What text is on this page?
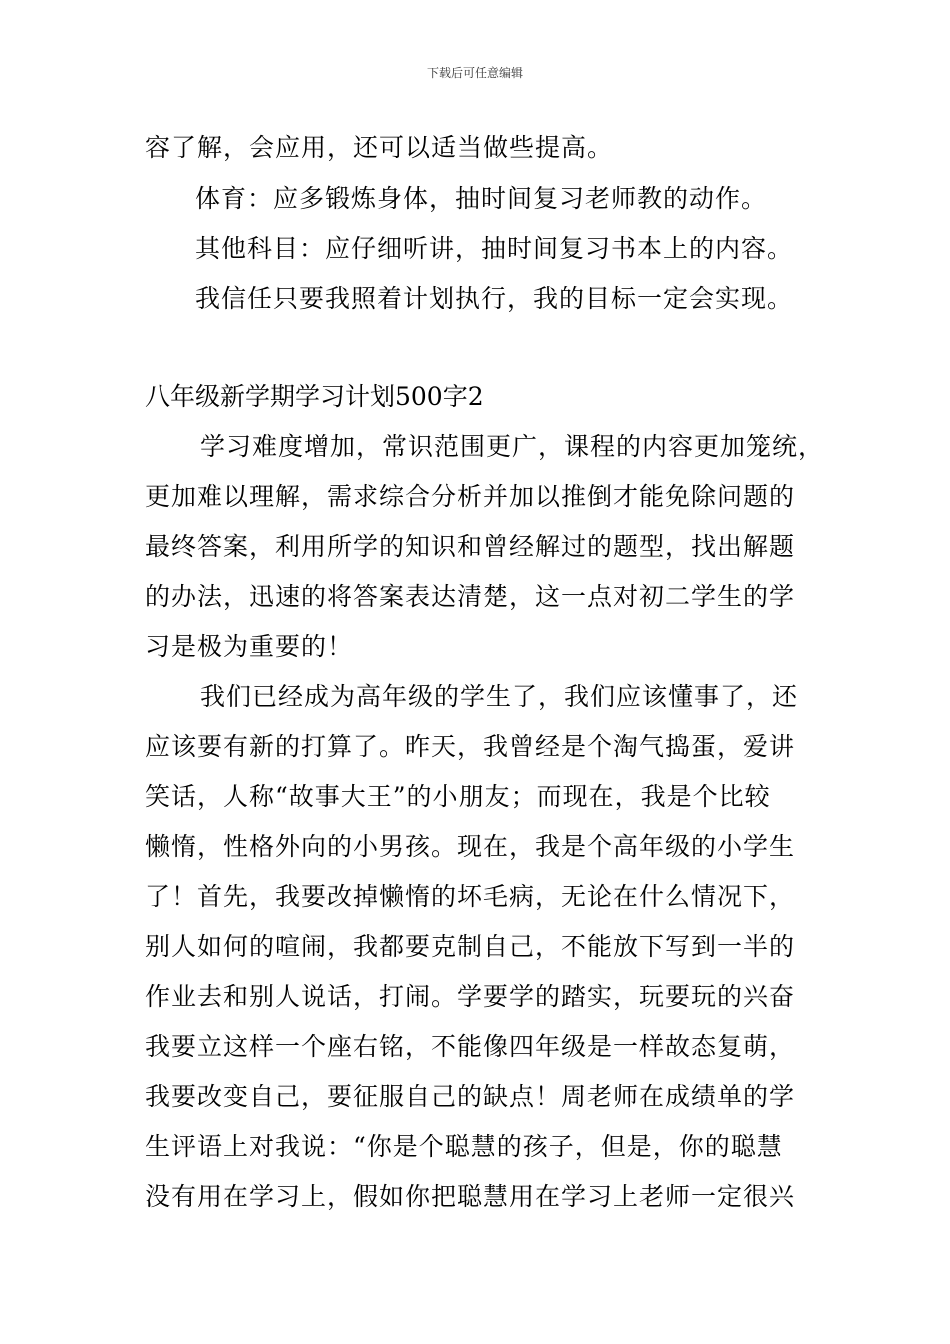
下载后可任意编辑
容了解，会应用，还可以适当做些提高。
体育：应多锻炼身体，抽时间复习老师教的动作。
其他科目：应仔细听讲，抽时间复习书本上的内容。
我信任只要我照着计划执行，我的目标一定会实现。
八年级新学期学习计划500字2
学习难度增加，常识范围更广，课程的内容更加笼统，
更加难以理解，需求综合分析并加以推倒才能免除问题的
最终答案，利用所学的知识和曾经解过的题型，找出解题
的办法，迅速的将答案表达清楚，这一点对初二学生的学
习是极为重要的！
我们已经成为高年级的学生了，我们应该懂事了，还
应该要有新的打算了。昨天，我曾经是个淘气捣蛋，爱讲
笑话，人称“故事大王”的小朋友；而现在，我是个比较
懒惰，性格外向的小男孩。现在，我是个高年级的小学生
了！首先，我要改掉懒惰的坏毛病，无论在什么情况下，
别人如何的喧闹，我都要克制自己，不能放下写到一半的
作业去和别人说话，打闹。学要学的踏实，玩要玩的兴奋
我要立这样一个座右铭，不能像四年级是一样故态复萌，
我要改变自己，要征服自己的缺点！周老师在成绩单的学
生评语上对我说：“你是个聪慧的孩子，但是，你的聪慧
没有用在学习上，假如你把聪慧用在学习上老师一定很兴
